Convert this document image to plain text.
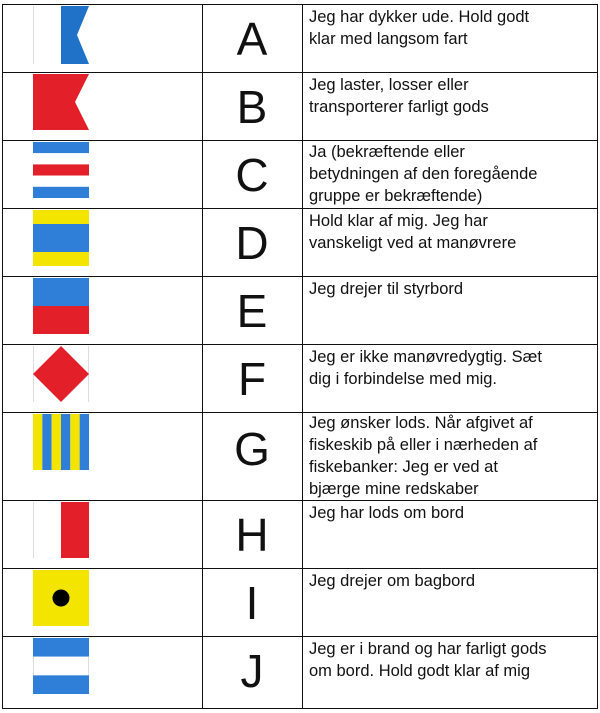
A	Jeg har dykker ude. Hold godt
klar med langsom fart
B	Jeg laster, losser eller
transporterer farligt gods
C	Ja (bekræftende eller
betydningen af den foregående
gruppe er bekræftende)
D	Hold klar af mig. Jeg har
vanskeligt ved at manøvrere
E	Jeg drejer til styrbord
F	Jeg er ikke manøvredygtig. Sæt
dig i forbindelse med mig.
G	Jeg ønsker lods. Når afgivet af
fiskeskib på eller i nærheden af
fiskebanker: Jeg er ved at
bjærge mine redskaber
H	Jeg har lods om bord
I	Jeg drejer om bagbord
J	Jeg er i brand og har farligt gods
om bord. Hold godt klar af mig
